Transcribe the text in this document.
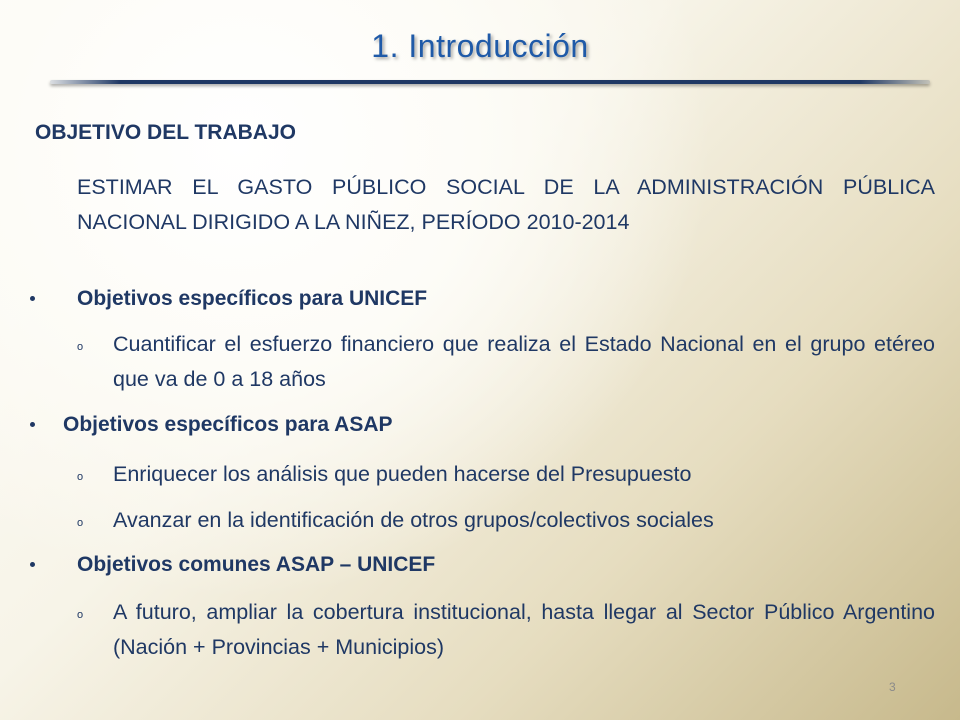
1. Introducción
OBJETIVO DEL TRABAJO
ESTIMAR EL GASTO PÚBLICO SOCIAL DE LA ADMINISTRACIÓN PÚBLICA NACIONAL DIRIGIDO A LA NIÑEZ, PERÍODO 2010-2014
Objetivos específicos para UNICEF
o Cuantificar el esfuerzo financiero que realiza el Estado Nacional en el grupo etéreo que va de 0 a 18 años
Objetivos específicos para ASAP
o Enriquecer los análisis que pueden hacerse del Presupuesto
o Avanzar en la identificación de otros grupos/colectivos sociales
Objetivos comunes ASAP – UNICEF
o A futuro, ampliar la cobertura institucional, hasta llegar al Sector Público Argentino (Nación + Provincias + Municipios)
3
